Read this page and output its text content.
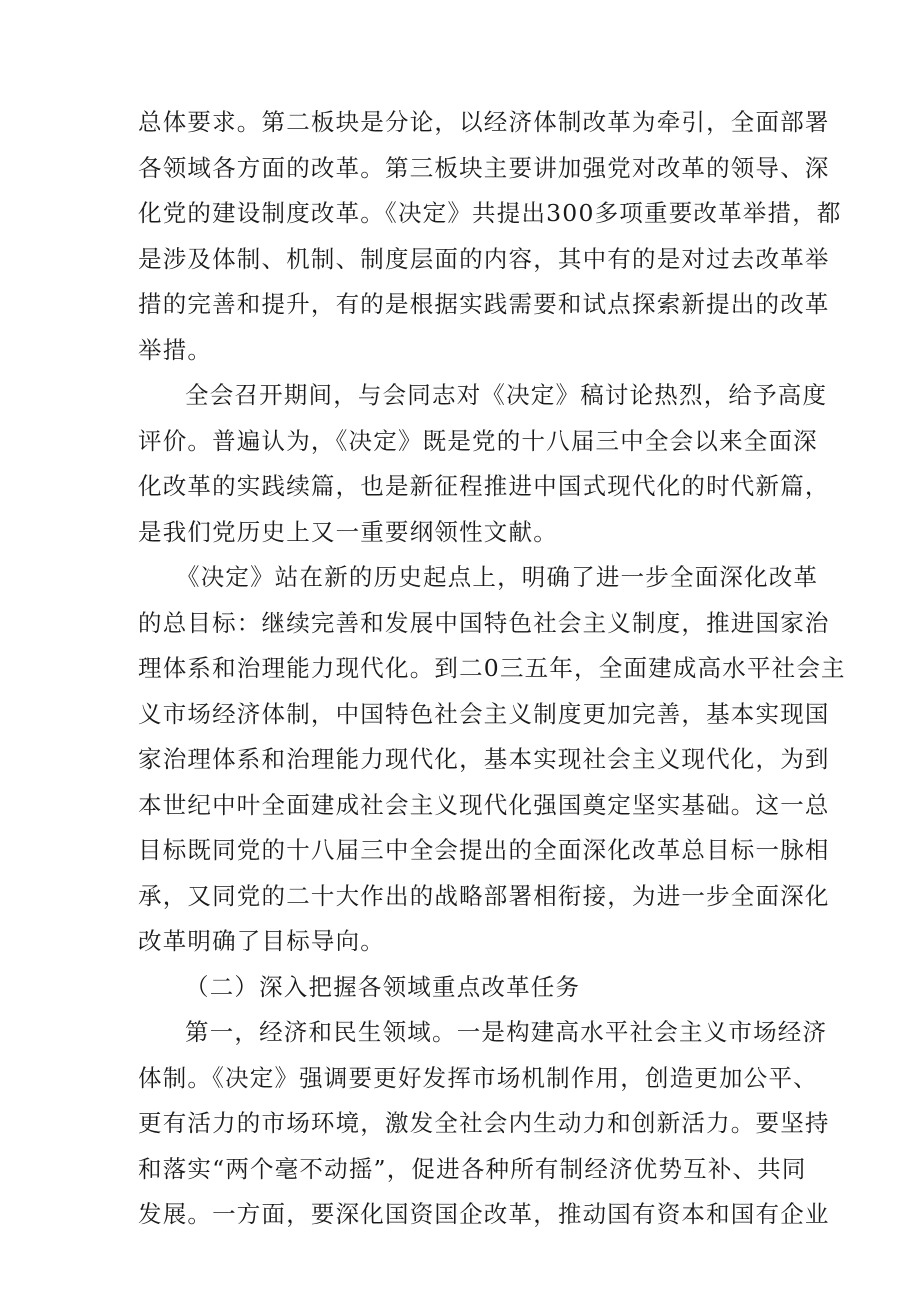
总体要求。第二板块是分论，以经济体制改革为牵引，全面部署
各领域各方面的改革。第三板块主要讲加强党对改革的领导、深
化党的建设制度改革。《决定》共提出300多项重要改革举措，都
是涉及体制、机制、制度层面的内容，其中有的是对过去改革举
措的完善和提升，有的是根据实践需要和试点探索新提出的改革
举措。
全会召开期间，与会同志对《决定》稿讨论热烈，给予高度
评价。普遍认为，《决定》既是党的十八届三中全会以来全面深
化改革的实践续篇，也是新征程推进中国式现代化的时代新篇，
是我们党历史上又一重要纲领性文献。
《决定》站在新的历史起点上，明确了进一步全面深化改革
的总目标：继续完善和发展中国特色社会主义制度，推进国家治
理体系和治理能力现代化。到二0三五年，全面建成高水平社会主
义市场经济体制，中国特色社会主义制度更加完善，基本实现国
家治理体系和治理能力现代化，基本实现社会主义现代化，为到
本世纪中叶全面建成社会主义现代化强国奠定坚实基础。这一总
目标既同党的十八届三中全会提出的全面深化改革总目标一脉相
承，又同党的二十大作出的战略部署相衔接，为进一步全面深化
改革明确了目标导向。
（二）深入把握各领域重点改革任务
第一，经济和民生领域。一是构建高水平社会主义市场经济
体制。《决定》强调要更好发挥市场机制作用，创造更加公平、
更有活力的市场环境，激发全社会内生动力和创新活力。要坚持
和落实“两个毫不动摇”，促进各种所有制经济优势互补、共同
发展。一方面，要深化国资国企改革，推动国有资本和国有企业
